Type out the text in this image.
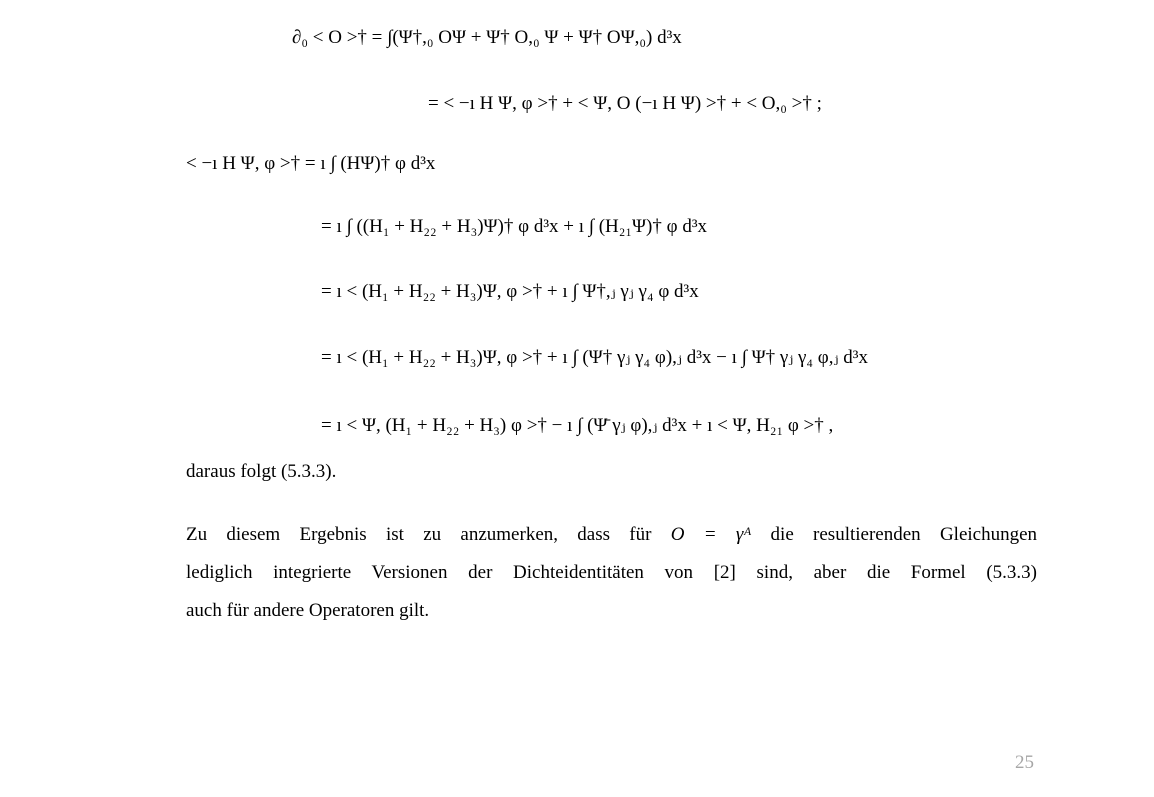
∂₀ < O >† = ∫(Ψ†,₀ OΨ + Ψ† O,₀ Ψ + Ψ† OΨ,₀) d³x
= < −ı H Ψ, φ >† + < Ψ, O (−ı H Ψ) >† + < O,₀ >† ;
< −ı H Ψ, φ >† = ı ∫ (HΨ)† φ d³x
= ı ∫ ((H₁ + H₂₂ + H₃)Ψ)† φ d³x + ı ∫ (H₂₁Ψ)† φ d³x
= ı < (H₁ + H₂₂ + H₃)Ψ, φ >† + ı ∫ Ψ†,ⱼ γⱼ γ₄ φ d³x
= ı < (H₁ + H₂₂ + H₃)Ψ, φ >† + ı ∫ (Ψ† γⱼ γ₄ φ),ⱼ d³x − ı ∫ Ψ† γⱼ γ₄ φ,ⱼ d³x
= ı < Ψ, (H₁ + H₂₂ + H₃) φ >† − ı ∫ (Ψ̄ γⱼ φ),ⱼ d³x + ı < Ψ, H₂₁ φ >† ,
daraus folgt (5.3.3).
Zu diesem Ergebnis ist zu anzumerken, dass für O = γᴬ die resultierenden Gleichungen
lediglich integrierte Versionen der Dichteidentitäten von [2] sind, aber die Formel (5.3.3)
auch für andere Operatoren gilt.
25
